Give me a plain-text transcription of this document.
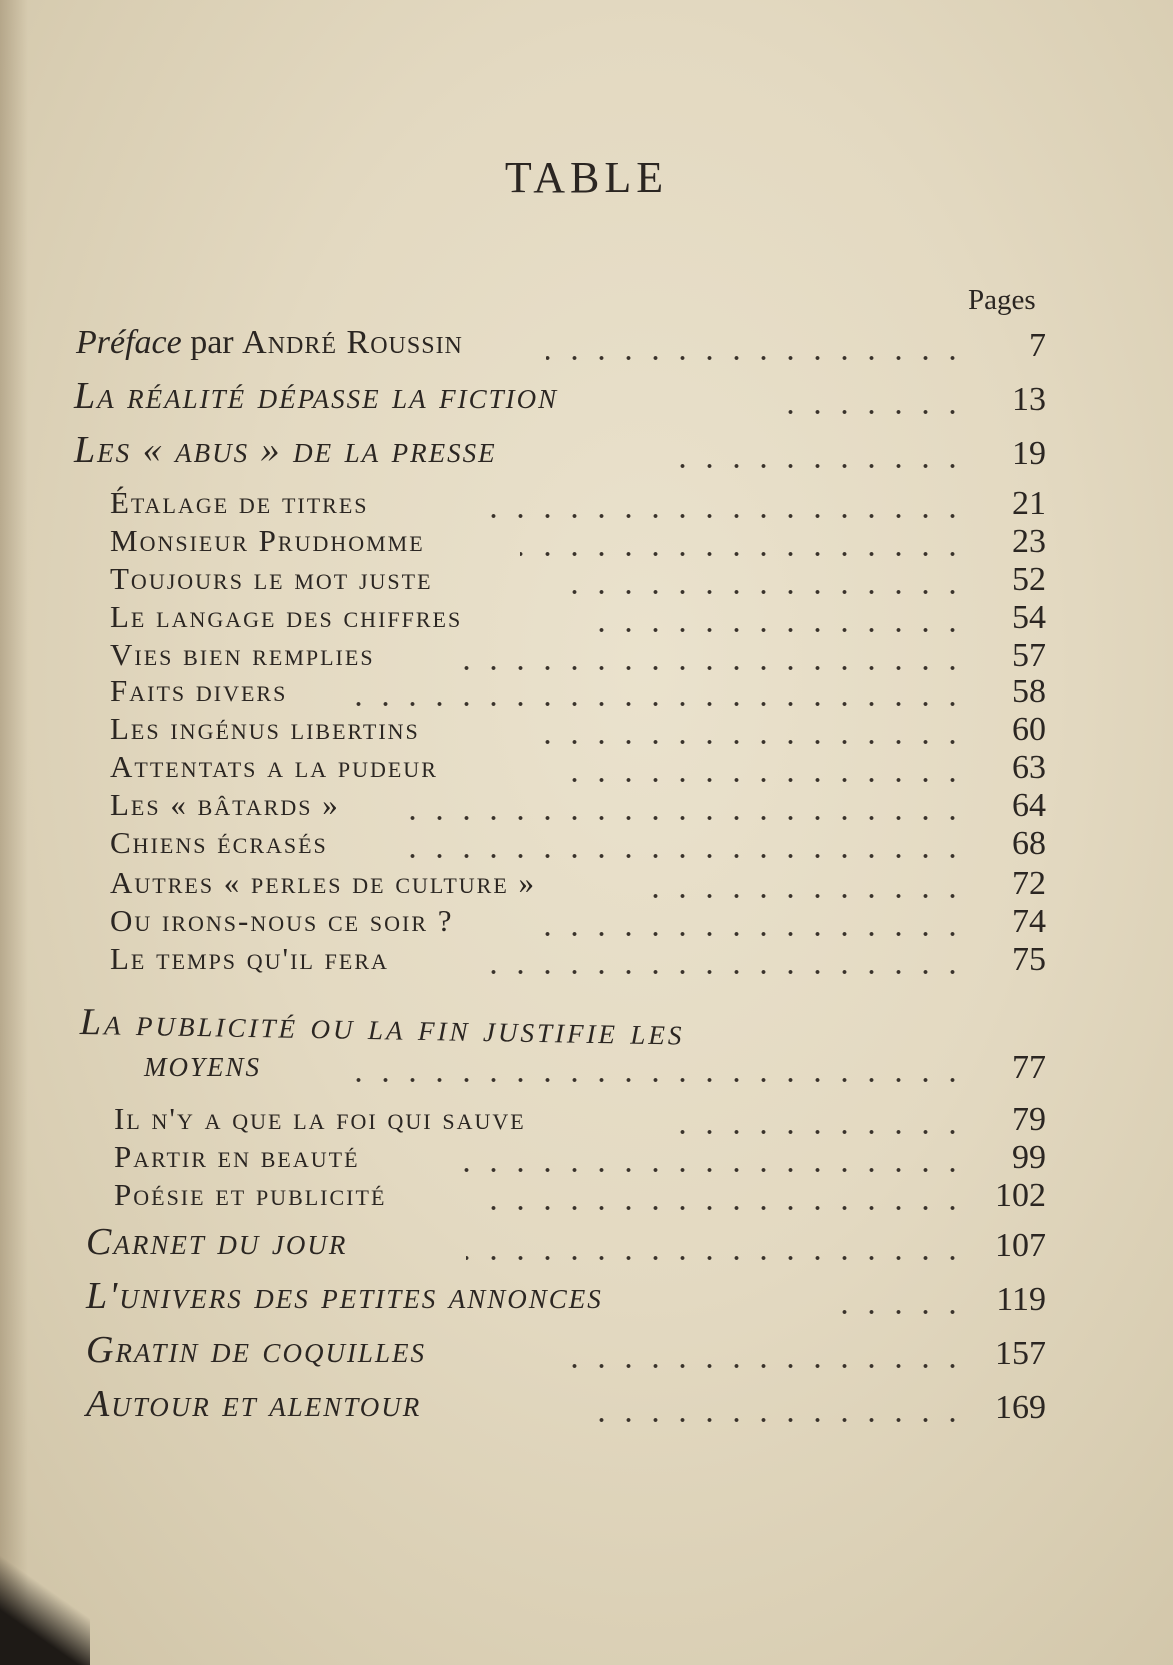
TABLE
Pages
Préface par André Roussin	7
La réalité dépasse la fiction	13
Les « abus » de la presse	19
Étalage de titres	21
Monsieur Prudhomme	23
Toujours le mot juste	52
Le langage des chiffres	54
Vies bien remplies	57
Faits divers	58
Les ingénus libertins	60
Attentats a la pudeur	63
Les « bâtards »	64
Chiens écrasés	68
Autres « perles de culture »	72
Ou irons-nous ce soir ?	74
Le temps qu'il fera	75
La publicité ou la fin justifie les
moyens	77
Il n'y a que la foi qui sauve	79
Partir en beauté	99
Poésie et publicité	102
Carnet du jour	107
L'univers des petites annonces	119
Gratin de coquilles	157
Autour et alentour	169
